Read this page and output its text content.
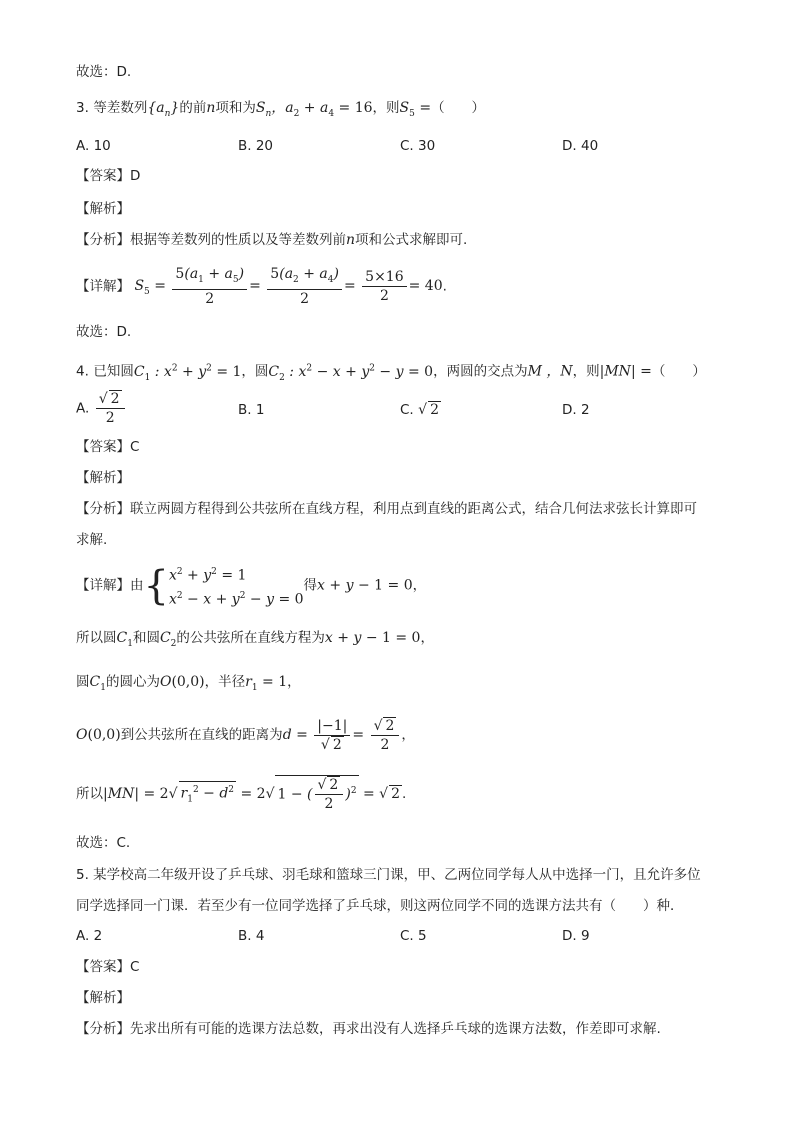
故选：D.
3. 等差数列$\{a_n\}$的前n项和为$S_n$，$a_2 + a_4 = 16$，则$S_5$ =（　　）
A. 10	B. 20	C. 30	D. 40
【答案】D
【解析】
【分析】根据等差数列的性质以及等差数列前n项和公式求解即可.
【详解】 $S_5 = \frac{5(a_1 + a_5)}{2} = \frac{5(a_2 + a_4)}{2} = \frac{5\times 16}{2} = 40$.
故选：D.
4. 已知圆$C_1$ : $x^2 + y^2 = 1$，圆$C_2$ : $x^2 - x + y^2 - y = 0$，两圆的交点为M ，N，则|MN| =（　　）
A. $\frac{√ 2}{2}$	B. 1	C. √ 2	D. 2
【答案】C
【解析】
【分析】联立两圆方程得到公共弦所在直线方程，利用点到直线的距离公式，结合几何法求弦长计算即可
求解.
【详解】由{ $x^2 + y^2 = 1$
$x^2 - x + y^2 - y = 0$
得x + y − 1 = 0，
所以圆$C_1$和圆$C_2$的公共弦所在直线方程为x + y − 1 = 0，
圆$C_1$的圆心为O(0,0)，半径$r_1 = 1$，
O(0,0)到公共弦所在直线的距离为$d = \frac{|-1|}{√ 2} = \frac{√ 2}{2}$ ，
所以|MN| = 2√ $r_1^2 - d^2 = 2√$ 1 − ( $\frac{√ 2}{2} )^2$ = √ 2 .
故选：C.
5. 某学校高二年级开设了乒乓球、羽毛球和篮球三门课，甲、乙两位同学每人从中选择一门，且允许多位
同学选择同一门课．若至少有一位同学选择了乒乓球，则这两位同学不同的选课方法共有（　　）种．
A. 2	B. 4	C. 5	D. 9
【答案】C
【解析】
【分析】先求出所有可能的选课方法总数，再求出没有人选择乒乓球的选课方法数，作差即可求解.
